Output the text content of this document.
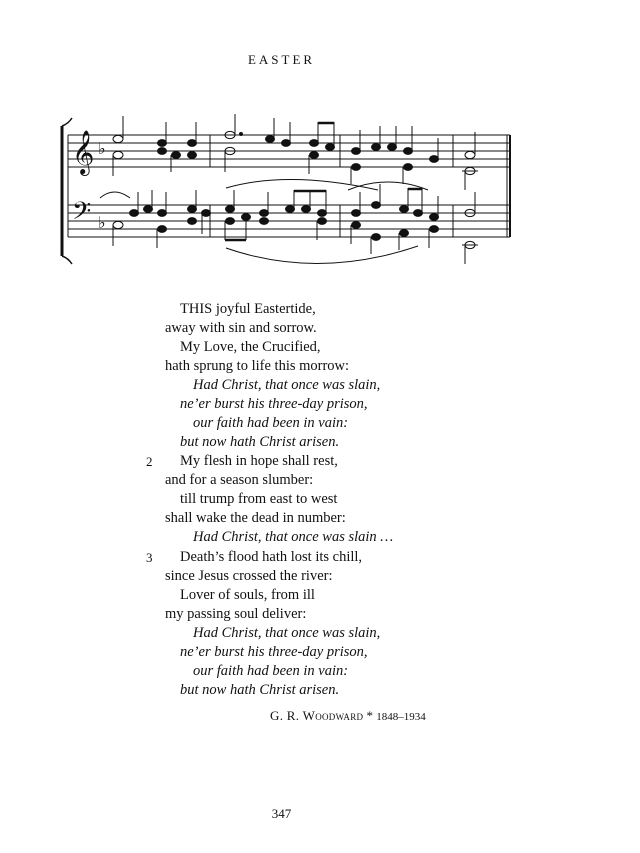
EASTER
𝄞
𝄢
♭
♭
THIS joyful Eastertide,
away with sin and sorrow.
My Love, the Crucified,
hath sprung to life this morrow:
Had Christ, that once was slain,
ne’er burst his three-day prison,
our faith had been in vain:
but now hath Christ arisen.
2 My flesh in hope shall rest,
and for a season slumber:
till trump from east to west
shall wake the dead in number:
Had Christ, that once was slain …
3 Death’s flood hath lost its chill,
since Jesus crossed the river:
Lover of souls, from ill
my passing soul deliver:
Had Christ, that once was slain,
ne’er burst his three-day prison,
our faith had been in vain:
but now hath Christ arisen.
G. R. Woodward * 1848–1934
347
